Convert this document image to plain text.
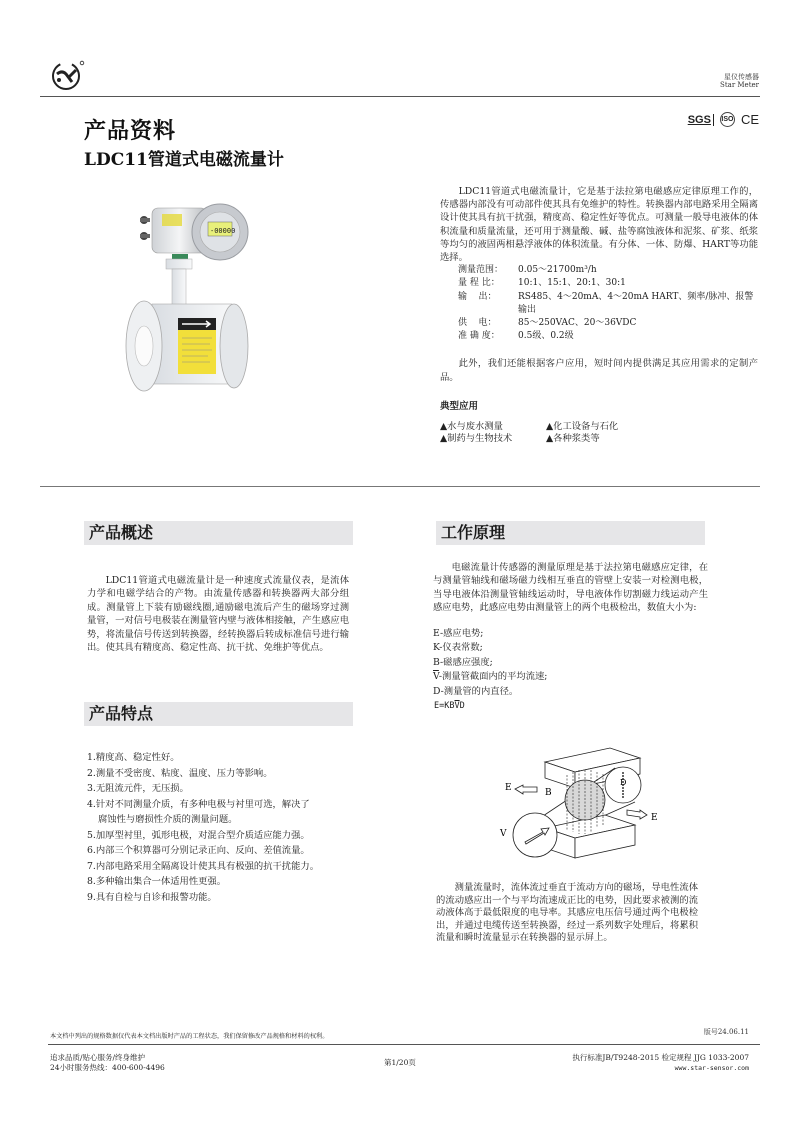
星仪传感器
Star Meter
产品资料
LDC11管道式电磁流量计
SGS	ISO CE
-00000

LDC11管道式电磁流量计，它是基于法拉第电磁感应定律原理工作的，传感器内部没有可动部件使其具有免维护的特性。转换器内部电路采用全隔离设计使其具有抗干扰强，精度高、稳定性好等优点。可测量一般导电液体的体积流量和质量流量，还可用于测量酸、碱、盐等腐蚀液体和泥浆、矿浆、纸浆等均匀的液固两相悬浮液体的体积流量。有分体、一体、防爆、HART等功能选择。

测量范围：	0.05～21700m³/h
量 程 比：	10:1、15:1、20:1、30:1
输    出：	RS485、4～20mA、4～20mA HART、频率/脉冲、报警输出
供    电：	85～250VAC、20～36VDC
准 确 度：	0.5级、0.2级

此外，我们还能根据客户应用，短时间内提供满足其应用需求的定制产品。

典型应用
▲水与废水测量	▲化工设备与石化
▲制药与生物技术	▲各种浆类等
产品概述

LDC11管道式电磁流量计是一种速度式流量仪表，是流体力学和电磁学结合的产物。由流量传感器和转换器两大部分组成。测量管上下装有励磁线圈,通励磁电流后产生的磁场穿过测量管，一对信号电极装在测量管内壁与液体相接触，产生感应电势，将流量信号传送到转换器，经转换器后转成标准信号进行输出。使其具有精度高、稳定性高、抗干扰、免维护等优点。

产品特点
1.精度高、稳定性好。
2.测量不受密度、粘度、温度、压力等影响。
3.无阻流元件，无压损。
4.针对不同测量介质，有多种电极与衬里可选，解决了
腐蚀性与磨损性介质的测量问题。
5.加厚型衬里，弧形电极，对混合型介质适应能力强。
6.内部三个积算器可分别记录正向、反向、差值流量。
7.内部电路采用全隔离设计使其具有极强的抗干扰能力。
8.多种输出集合一体适用性更强。
9.具有自检与自诊和报警功能。
工作原理

电磁流量计传感器的测量原理是基于法拉第电磁感应定律，在与测量管轴线和磁场磁力线相互垂直的管壁上安装一对检测电极，当导电液体沿测量管轴线运动时，导电液体作切割磁力线运动产生感应电势，此感应电势由测量管上的两个电极检出，数值大小为:

E-感应电势;
K-仪表常数;
B-磁感应强度;
$\overline{V}-$测量管截面内的平均流速;
D-测量管的内直径。
$E=KB\overline{V}D$
D
E	B
E
V

测量流量时，流体流过垂直于流动方向的磁场，导电性流体的流动感应出一个与平均流速成正比的电势，因此要求被测的流动液体高于最低限度的电导率。其感应电压信号通过两个电极检出，并通过电缆传送至转换器，经过一系列数字处理后，将累积流量和瞬时流量显示在转换器的显示屏上。

本文档中列出的规格数据仅代表本文档出版时产品的工程状态，我们保留修改产品规格和材料的权利。
版号24.06.11
追求品质/贴心服务/终身维护
24小时服务热线：400-600-4496
第1/20页
执行标准JB/T9248-2015 检定规程 JJG 1033-2007
www.star-sensor.com
